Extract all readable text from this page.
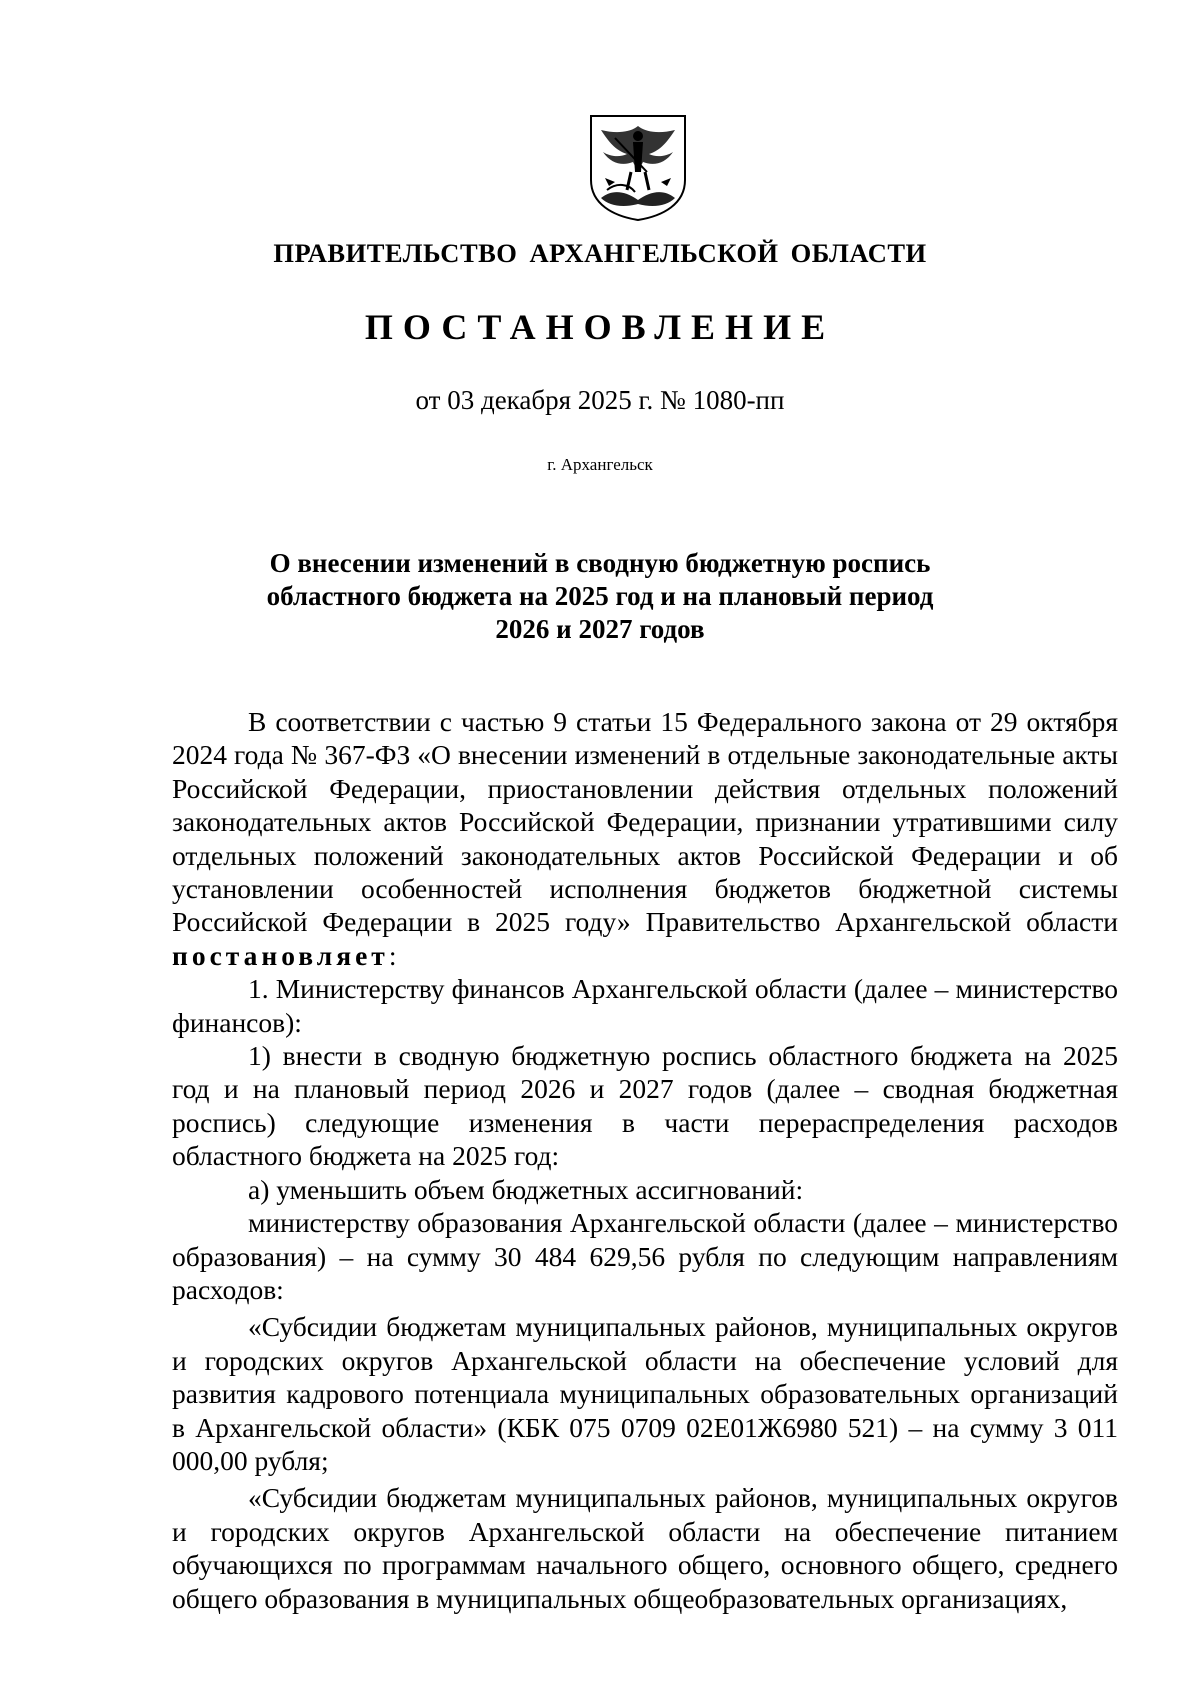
ПРАВИТЕЛЬСТВО АРХАНГЕЛЬСКОЙ ОБЛАСТИ
ПОСТАНОВЛЕНИЕ
от 03 декабря 2025 г. № 1080-пп
г. Архангельск
О внесении изменений в сводную бюджетную роспись
областного бюджета на 2025 год и на плановый период
2026 и 2027 годов

В соответствии с частью 9 статьи 15 Федерального закона от 29 октября 2024 года № 367-ФЗ «О внесении изменений в отдельные законодательные акты Российской Федерации, приостановлении действия отдельных положений законодательных актов Российской Федерации, признании утратившими силу отдельных положений законодательных актов Российской Федерации и об установлении особенностей исполнения бюджетов бюджетной системы Российской Федерации в 2025 году» Правительство Архангельской области постановляет:

1. Министерству финансов Архангельской области (далее – министерство финансов):

1) внести в сводную бюджетную роспись областного бюджета на 2025 год и на плановый период 2026 и 2027 годов (далее – сводная бюджетная роспись) следующие изменения в части перераспределения расходов областного бюджета на 2025 год:

а) уменьшить объем бюджетных ассигнований:

министерству образования Архангельской области (далее – министерство образования) – на сумму 30 484 629,56 рубля по следующим направлениям расходов:

«Субсидии бюджетам муниципальных районов, муниципальных округов и городских округов Архангельской области на обеспечение условий для развития кадрового потенциала муниципальных образовательных организаций в Архангельской области» (КБК 075 0709 02Е01Ж6980 521) – на сумму 3 011 000,00 рубля;

«Субсидии бюджетам муниципальных районов, муниципальных округов и городских округов Архангельской области на обеспечение питанием обучающихся по программам начального общего, основного общего, среднего общего образования в муниципальных общеобразовательных организациях,
